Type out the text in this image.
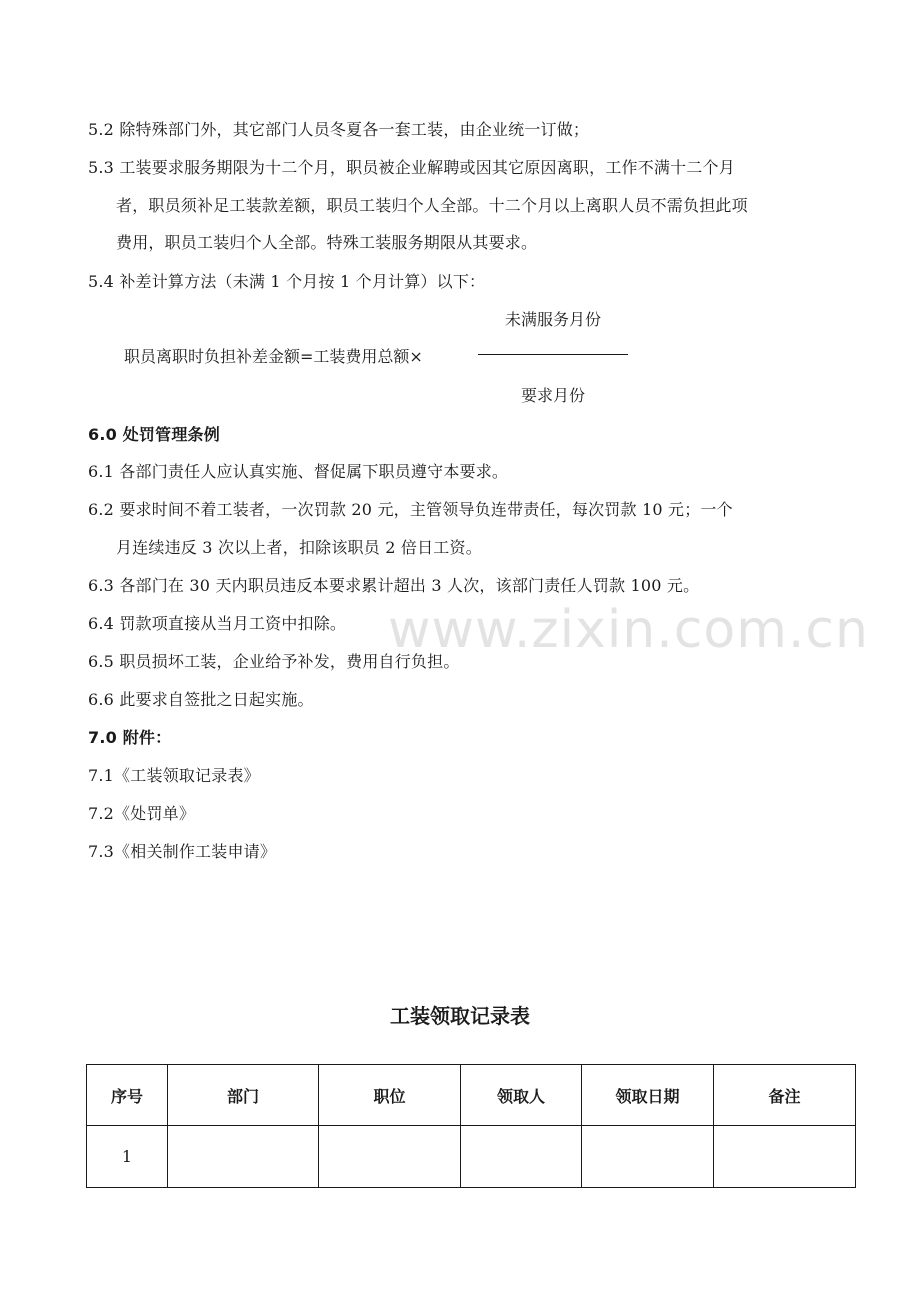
www.zixin.com.cn
5.2 除特殊部门外，其它部门人员冬夏各一套工装，由企业统一订做；
5.3 工装要求服务期限为十二个月，职员被企业解聘或因其它原因离职，工作不满十二个月
者，职员须补足工装款差额，职员工装归个人全部。十二个月以上离职人员不需负担此项
费用，职员工装归个人全部。特殊工装服务期限从其要求。
5.4 补差计算方法（未满 1 个月按 1 个月计算）以下：
未满服务月份
职员离职时负担补差金额=工装费用总额×
要求月份
6.0 处罚管理条例
6.1 各部门责任人应认真实施、督促属下职员遵守本要求。
6.2 要求时间不着工装者，一次罚款 20 元，主管领导负连带责任，每次罚款 10 元；一个
月连续违反 3 次以上者，扣除该职员 2 倍日工资。
6.3 各部门在 30 天内职员违反本要求累计超出 3 人次，该部门责任人罚款 100 元。
6.4 罚款项直接从当月工资中扣除。
6.5 职员损坏工装，企业给予补发，费用自行负担。
6.6 此要求自签批之日起实施。
7.0 附件：
7.1《工装领取记录表》
7.2《处罚单》
7.3《相关制作工装申请》
工装领取记录表
序号	部门	职位	领取人	领取日期	备注
1					
